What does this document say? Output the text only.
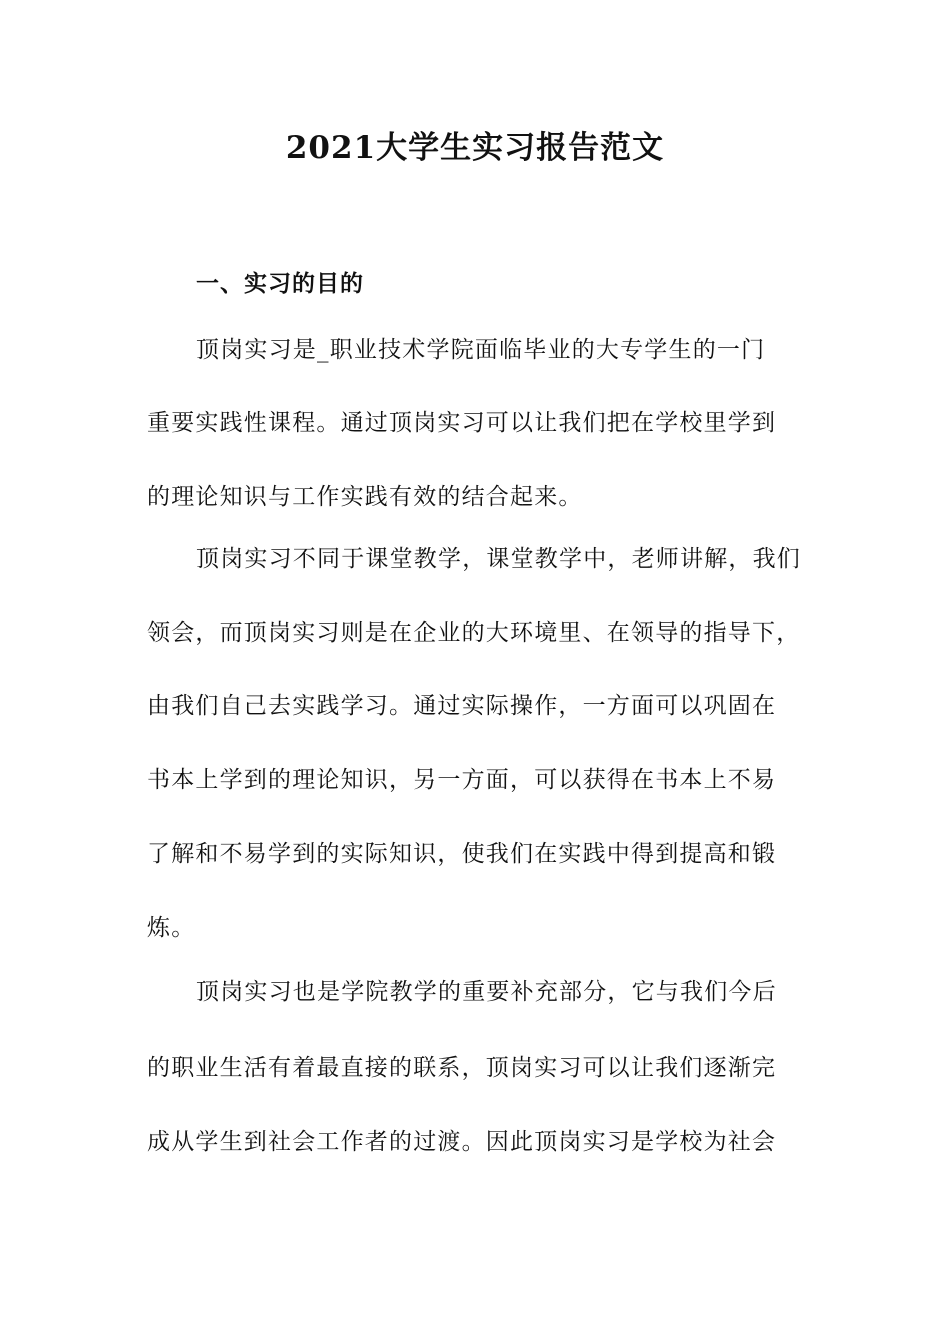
2021大学生实习报告范文
一、实习的目的
顶岗实习是_职业技术学院面临毕业的大专学生的一门
重要实践性课程。通过顶岗实习可以让我们把在学校里学到
的理论知识与工作实践有效的结合起来。
顶岗实习不同于课堂教学，课堂教学中，老师讲解，我们
领会，而顶岗实习则是在企业的大环境里、在领导的指导下，
由我们自己去实践学习。通过实际操作，一方面可以巩固在
书本上学到的理论知识，另一方面，可以获得在书本上不易
了解和不易学到的实际知识，使我们在实践中得到提高和锻
炼。
顶岗实习也是学院教学的重要补充部分，它与我们今后
的职业生活有着最直接的联系，顶岗实习可以让我们逐渐完
成从学生到社会工作者的过渡。因此顶岗实习是学校为社会
